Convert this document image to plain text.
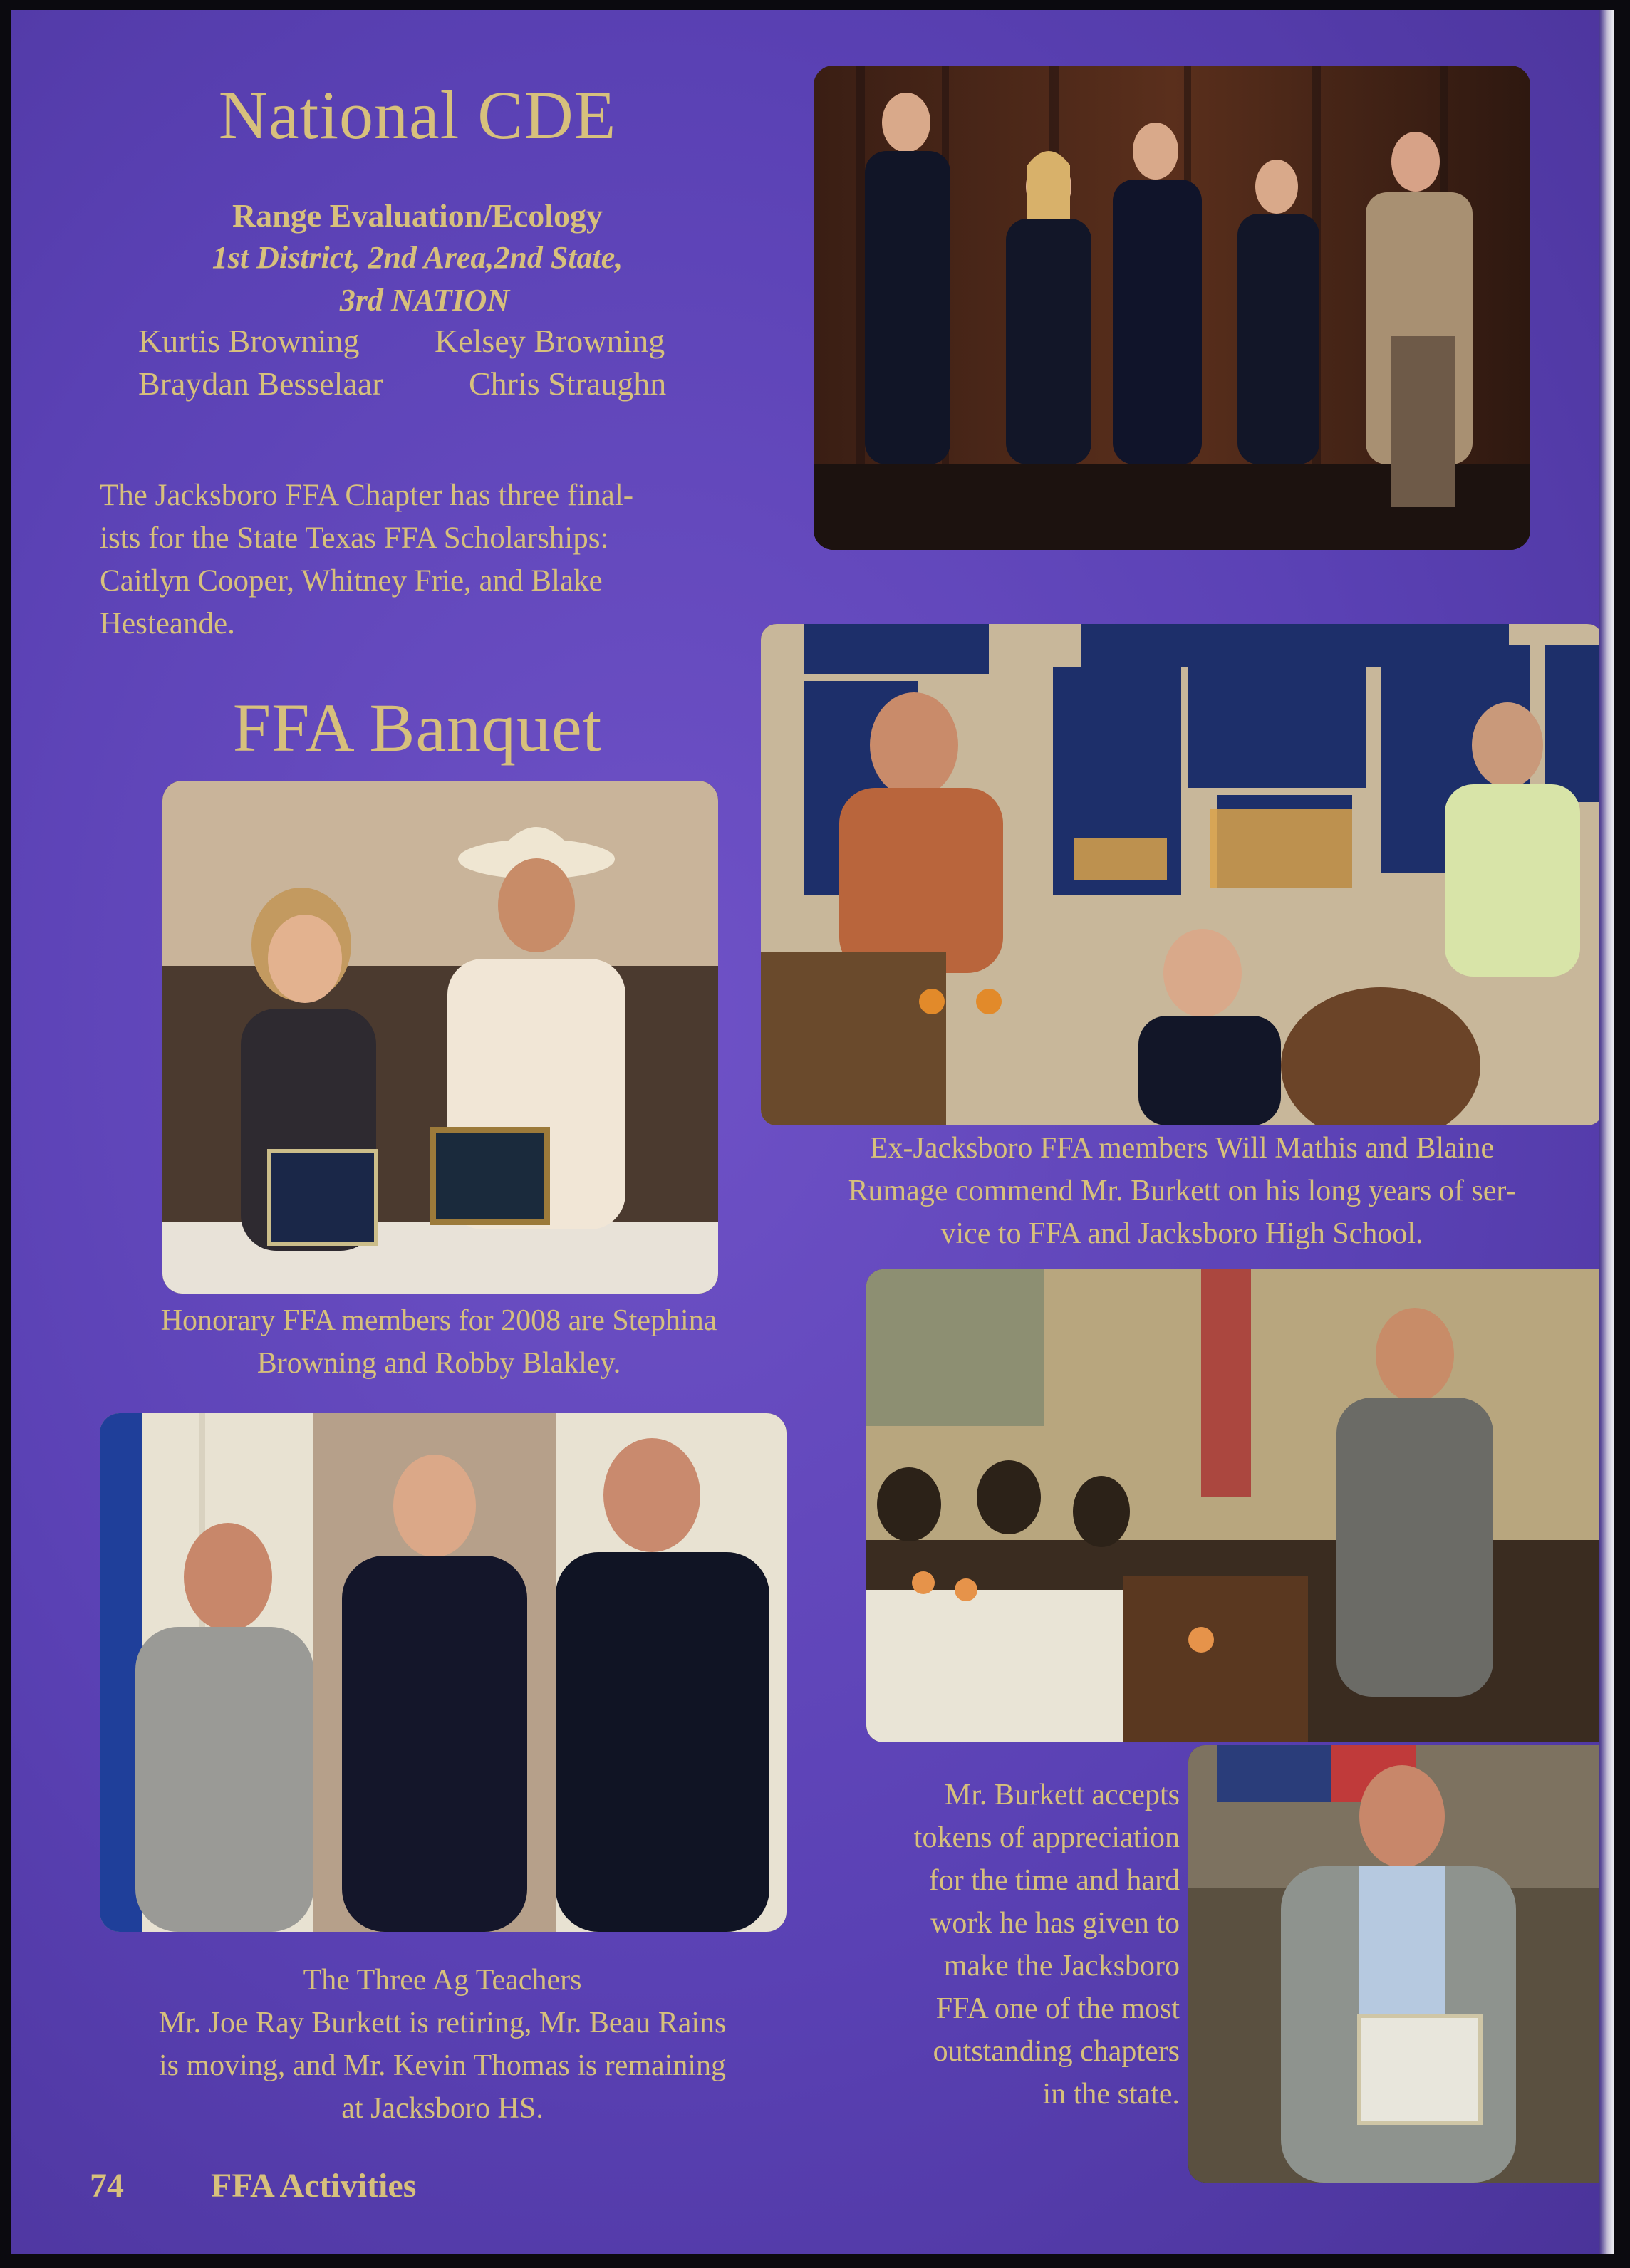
National CDE
Range Evaluation/Ecology
1st District, 2nd Area,2nd State,
3rd NATION
Kurtis Browning Kelsey Browning
Braydan Besselaar	Chris Straughn
The Jacksboro FFA Chapter has three final-
ists for the State Texas FFA Scholarships:
Caitlyn Cooper, Whitney Frie, and Blake
Hesteande.
FFA Banquet
Honorary FFA members for 2008 are Stephina
Browning and Robby Blakley.
Ex-Jacksboro FFA members Will Mathis and Blaine
Rumage commend Mr. Burkett on his long years of ser-
vice to FFA and Jacksboro High School.
The Three Ag Teachers
Mr. Joe Ray Burkett is retiring, Mr. Beau Rains
is moving, and Mr. Kevin Thomas is remaining
at Jacksboro HS.
Mr. Burkett accepts
tokens of appreciation
for the time and hard
work he has given to
make the Jacksboro
FFA one of the most
outstanding chapters
in the state.
74	FFA Activities
